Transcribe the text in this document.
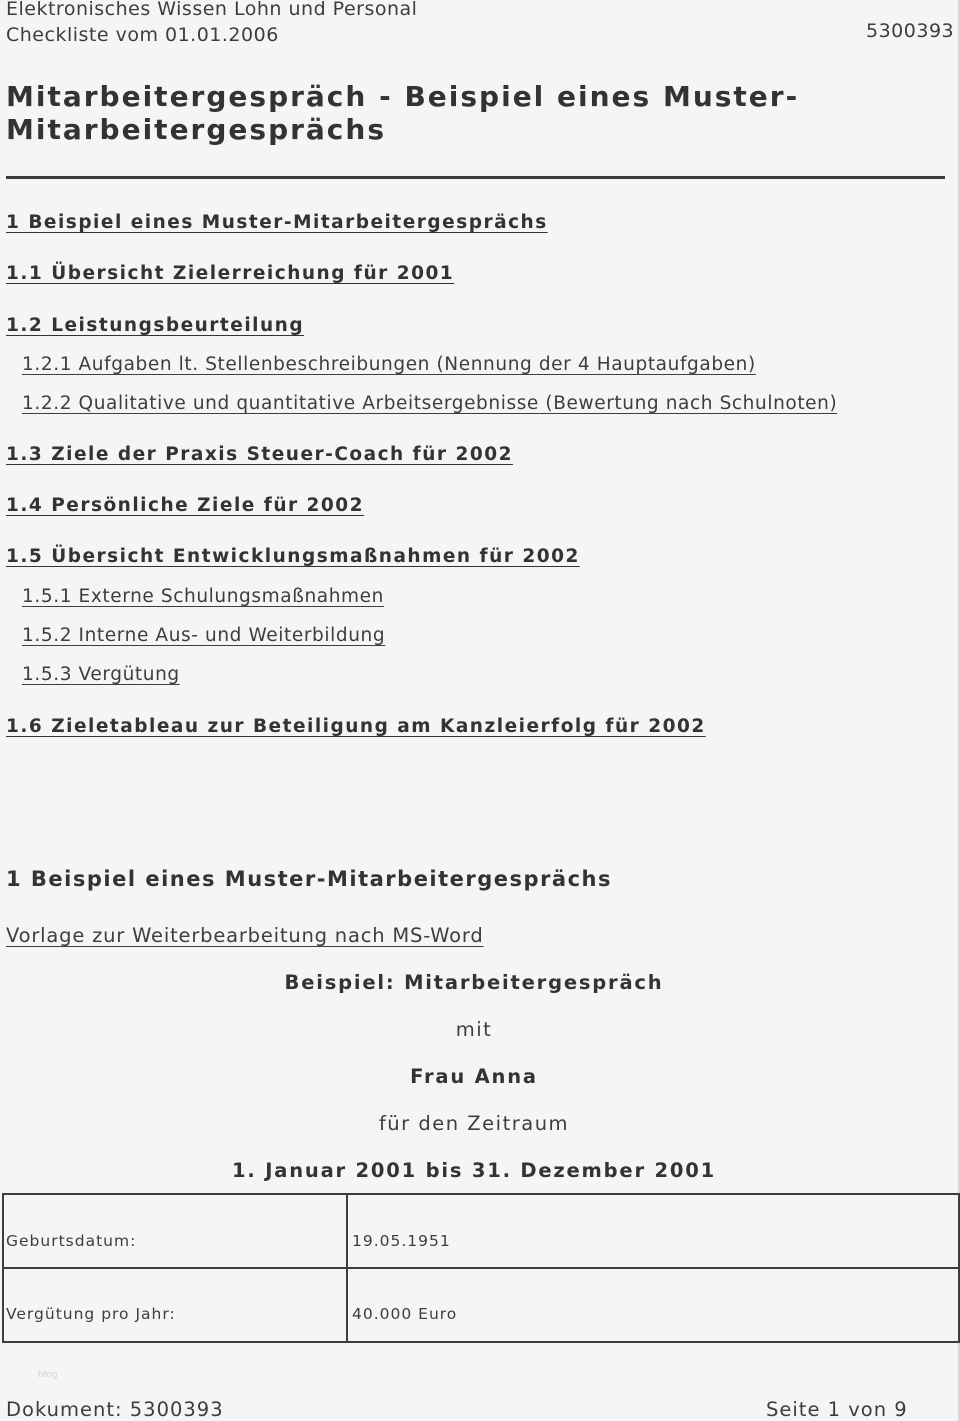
Elektronisches Wissen Lohn und Personal
Checkliste vom 01.01.2006	5300393
Mitarbeitergespräch - Beispiel eines Muster-
Mitarbeitergesprächs
1 Beispiel eines Muster-Mitarbeitergesprächs
1.1 Übersicht Zielerreichung für 2001
1.2 Leistungsbeurteilung
1.2.1 Aufgaben lt. Stellenbeschreibungen (Nennung der 4 Hauptaufgaben)
1.2.2 Qualitative und quantitative Arbeitsergebnisse (Bewertung nach Schulnoten)
1.3 Ziele der Praxis Steuer-Coach für 2002
1.4 Persönliche Ziele für 2002
1.5 Übersicht Entwicklungsmaßnahmen für 2002
1.5.1 Externe Schulungsmaßnahmen
1.5.2 Interne Aus- und Weiterbildung
1.5.3 Vergütung
1.6 Zieletableau zur Beteiligung am Kanzleierfolg für 2002
1 Beispiel eines Muster-Mitarbeitergesprächs
Vorlage zur Weiterbearbeitung nach MS-Word
Beispiel: Mitarbeitergespräch
mit
Frau Anna
für den Zeitraum
1. Januar 2001 bis 31. Dezember 2001
Geburtsdatum:	19.05.1951
Vergütung pro Jahr:	40.000 Euro
blog
Dokument: 5300393	Seite 1 von 9
